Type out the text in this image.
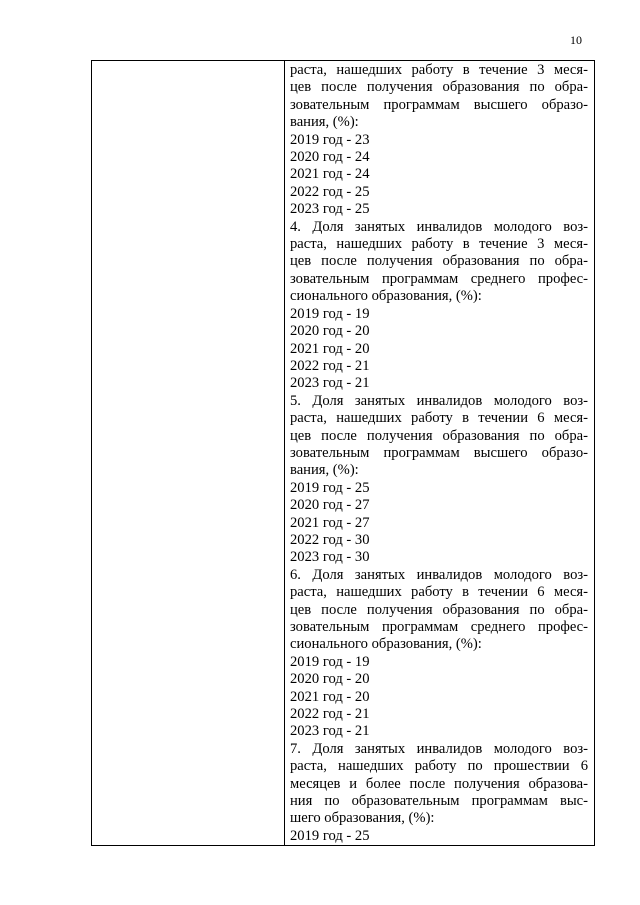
10
раста, нашедших работу в течение 3 меся-
цев после получения образования по обра-
зовательным программам высшего образо-
вания, (%):
2019 год - 23
2020 год - 24
2021 год - 24
2022 год - 25
2023 год - 25
4. Доля занятых инвалидов молодого воз-
раста, нашедших работу в течение 3 меся-
цев после получения образования по обра-
зовательным программам среднего профес-
сионального образования, (%):
2019 год - 19
2020 год - 20
2021 год - 20
2022 год - 21
2023 год - 21
5. Доля занятых инвалидов молодого воз-
раста, нашедших работу в течении 6 меся-
цев после получения образования по обра-
зовательным программам высшего образо-
вания, (%):
2019 год - 25
2020 год - 27
2021 год - 27
2022 год - 30
2023 год - 30
6. Доля занятых инвалидов молодого воз-
раста, нашедших работу в течении 6 меся-
цев после получения образования по обра-
зовательным программам среднего профес-
сионального образования, (%):
2019 год - 19
2020 год - 20
2021 год - 20
2022 год - 21
2023 год - 21
7. Доля занятых инвалидов молодого воз-
раста, нашедших работу по прошествии 6
месяцев и более после получения образова-
ния по образовательным программам выс-
шего образования, (%):
2019 год - 25
